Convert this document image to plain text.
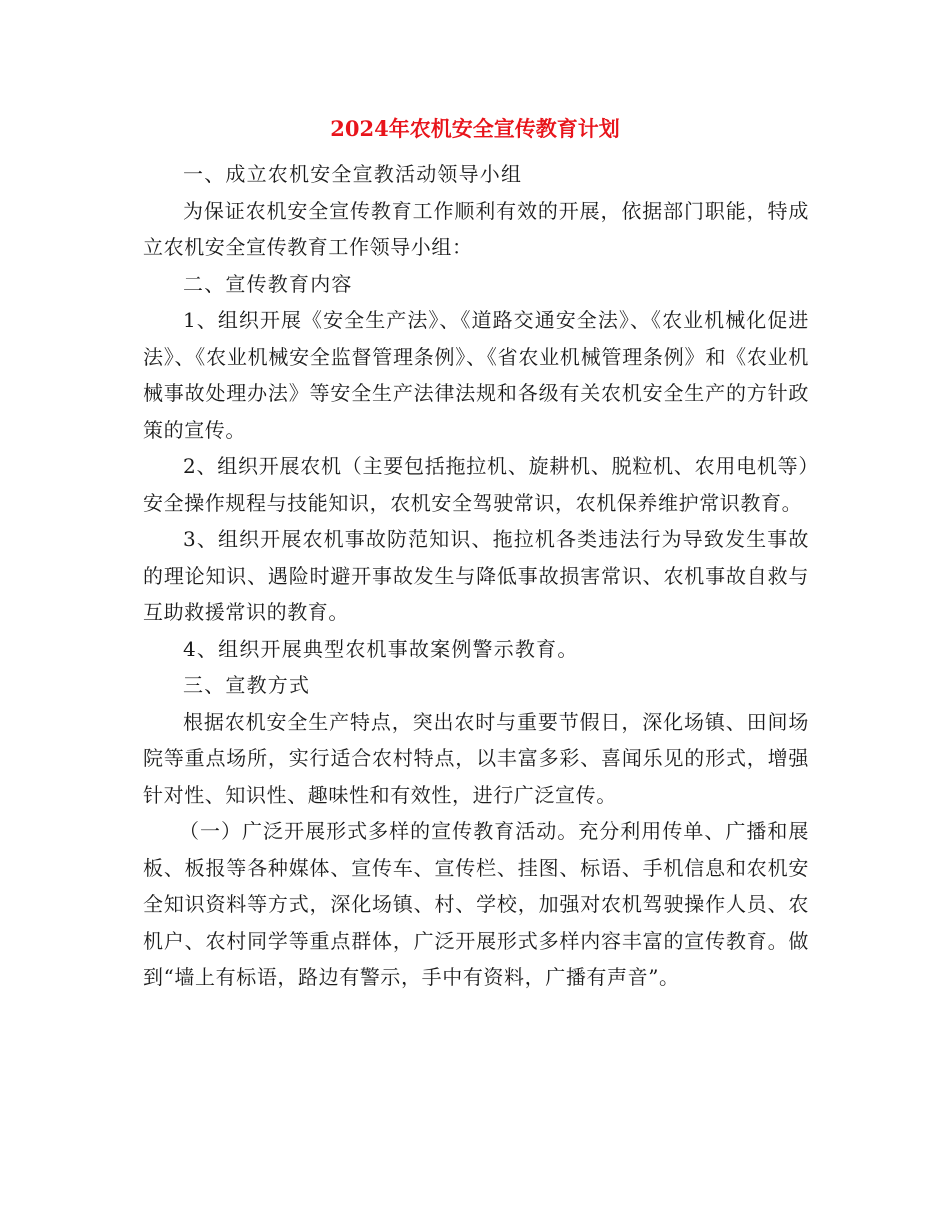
2024年农机安全宣传教育计划

一、成立农机安全宣教活动领导小组

为保证农机安全宣传教育工作顺利有效的开展，依据部门职能，特成立农机安全宣传教育工作领导小组：

二、宣传教育内容

1、组织开展《安全生产法》、《道路交通安全法》、《农业机械化促进法》、《农业机械安全监督管理条例》、《省农业机械管理条例》和《农业机械事故处理办法》等安全生产法律法规和各级有关农机安全生产的方针政策的宣传。

2、组织开展农机（主要包括拖拉机、旋耕机、脱粒机、农用电机等）安全操作规程与技能知识，农机安全驾驶常识，农机保养维护常识教育。

3、组织开展农机事故防范知识、拖拉机各类违法行为导致发生事故的理论知识、遇险时避开事故发生与降低事故损害常识、农机事故自救与互助救援常识的教育。

4、组织开展典型农机事故案例警示教育。

三、宣教方式

根据农机安全生产特点，突出农时与重要节假日，深化场镇、田间场院等重点场所，实行适合农村特点，以丰富多彩、喜闻乐见的形式，增强针对性、知识性、趣味性和有效性，进行广泛宣传。

（一）广泛开展形式多样的宣传教育活动。充分利用传单、广播和展板、板报等各种媒体、宣传车、宣传栏、挂图、标语、手机信息和农机安全知识资料等方式，深化场镇、村、学校，加强对农机驾驶操作人员、农机户、农村同学等重点群体，广泛开展形式多样内容丰富的宣传教育。做到“墙上有标语，路边有警示，手中有资料，广播有声音”。
